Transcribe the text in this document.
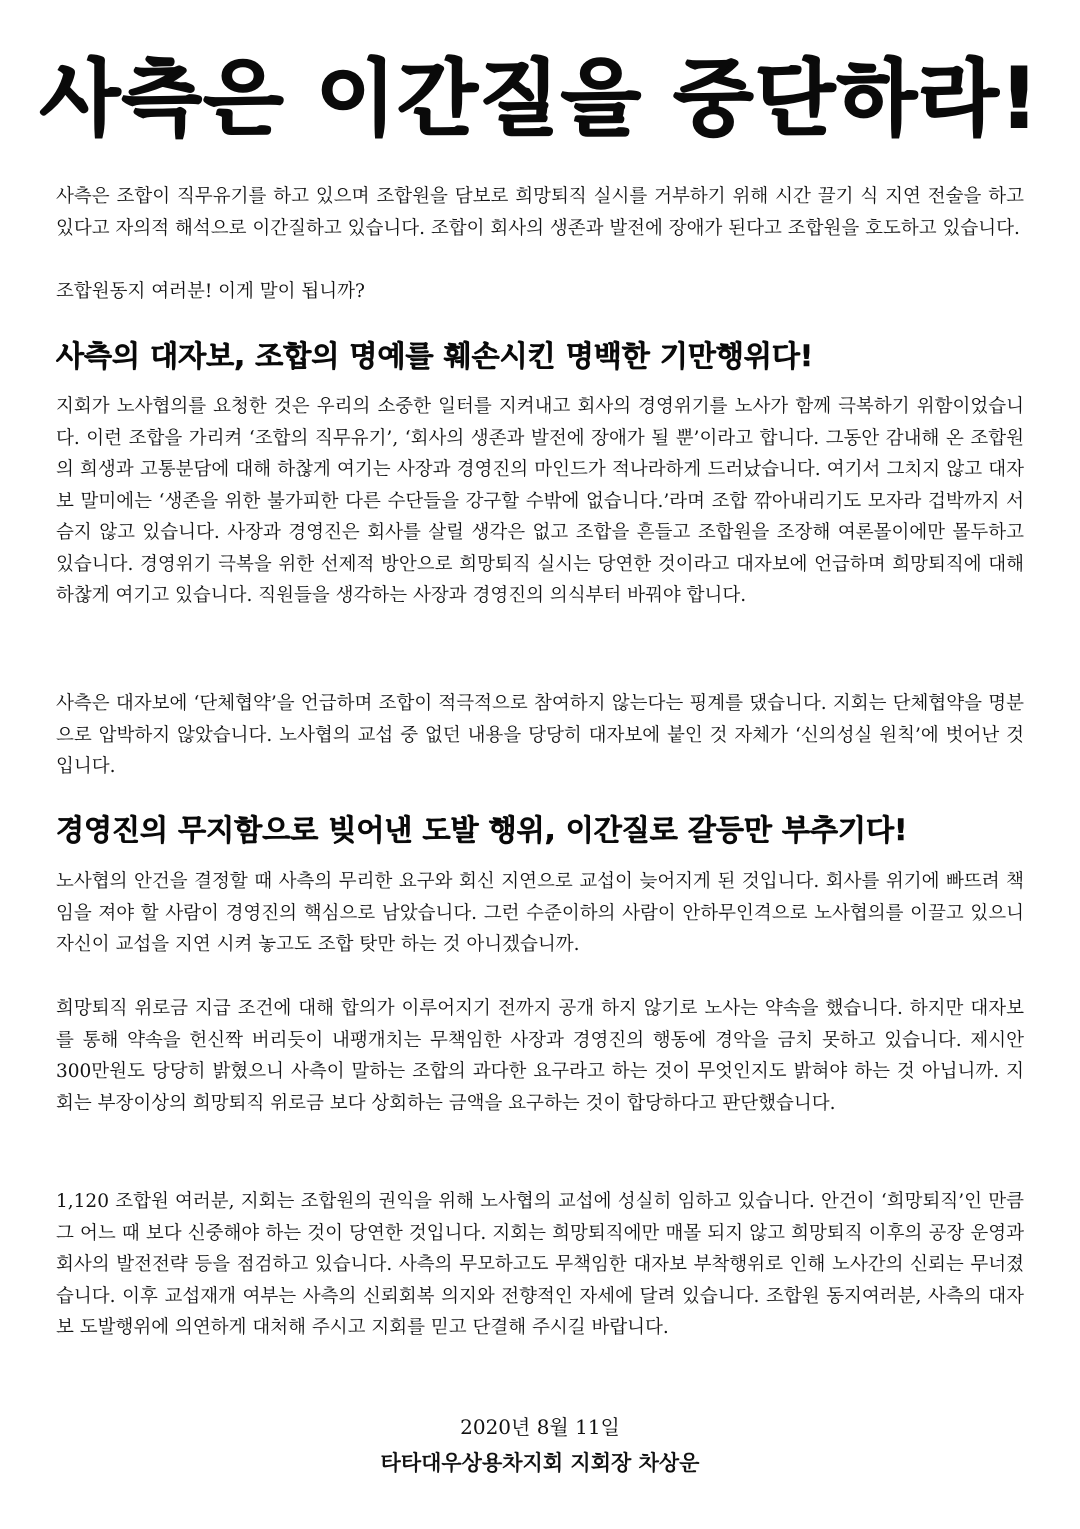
사측은 이간질을 중단하라!

사측은 조합이 직무유기를 하고 있으며 조합원을 담보로 희망퇴직 실시를 거부하기 위해 시간 끌기 식 지연 전술을 하고 있다고 자의적 해석으로 이간질하고 있습니다. 조합이 회사의 생존과 발전에 장애가 된다고 조합원을 호도하고 있습니다.

조합원동지 여러분! 이게 말이 됩니까?

사측의 대자보, 조합의 명예를 훼손시킨 명백한 기만행위다!

지회가 노사협의를 요청한 것은 우리의 소중한 일터를 지켜내고 회사의 경영위기를 노사가 함께 극복하기 위함이었습니다. 이런 조합을 가리켜 ‘조합의 직무유기’, ‘회사의 생존과 발전에 장애가 될 뿐’이라고 합니다. 그동안 감내해 온 조합원의 희생과 고통분담에 대해 하찮게 여기는 사장과 경영진의 마인드가 적나라하게 드러났습니다. 여기서 그치지 않고 대자보 말미에는 ‘생존을 위한 불가피한 다른 수단들을 강구할 수밖에 없습니다.’라며 조합 깎아내리기도 모자라 겁박까지 서슴지 않고 있습니다. 사장과 경영진은 회사를 살릴 생각은 없고 조합을 흔들고 조합원을 조장해 여론몰이에만 몰두하고 있습니다. 경영위기 극복을 위한 선제적 방안으로 희망퇴직 실시는 당연한 것이라고 대자보에 언급하며 희망퇴직에 대해 하찮게 여기고 있습니다. 직원들을 생각하는 사장과 경영진의 의식부터 바꿔야 합니다.

사측은 대자보에 ‘단체협약’을 언급하며 조합이 적극적으로 참여하지 않는다는 핑계를 댔습니다. 지회는 단체협약을 명분으로 압박하지 않았습니다. 노사협의 교섭 중 없던 내용을 당당히 대자보에 붙인 것 자체가 ‘신의성실 원칙’에 벗어난 것입니다.

경영진의 무지함으로 빚어낸 도발 행위, 이간질로 갈등만 부추기다!

노사협의 안건을 결정할 때 사측의 무리한 요구와 회신 지연으로 교섭이 늦어지게 된 것입니다. 회사를 위기에 빠뜨려 책임을 져야 할 사람이 경영진의 핵심으로 남았습니다. 그런 수준이하의 사람이 안하무인격으로 노사협의를 이끌고 있으니 자신이 교섭을 지연 시켜 놓고도 조합 탓만 하는 것 아니겠습니까.

희망퇴직 위로금 지급 조건에 대해 합의가 이루어지기 전까지 공개 하지 않기로 노사는 약속을 했습니다. 하지만 대자보를 통해 약속을 헌신짝 버리듯이 내팽개치는 무책임한 사장과 경영진의 행동에 경악을 금치 못하고 있습니다. 제시안 300만원도 당당히 밝혔으니 사측이 말하는 조합의 과다한 요구라고 하는 것이 무엇인지도 밝혀야 하는 것 아닙니까. 지회는 부장이상의 희망퇴직 위로금 보다 상회하는 금액을 요구하는 것이 합당하다고 판단했습니다.

1,120 조합원 여러분, 지회는 조합원의 권익을 위해 노사협의 교섭에 성실히 임하고 있습니다. 안건이 ‘희망퇴직’인 만큼 그 어느 때 보다 신중해야 하는 것이 당연한 것입니다. 지회는 희망퇴직에만 매몰 되지 않고 희망퇴직 이후의 공장 운영과 회사의 발전전략 등을 점검하고 있습니다. 사측의 무모하고도 무책임한 대자보 부착행위로 인해 노사간의 신뢰는 무너졌습니다. 이후 교섭재개 여부는 사측의 신뢰회복 의지와 전향적인 자세에 달려 있습니다. 조합원 동지여러분, 사측의 대자보 도발행위에 의연하게 대처해 주시고 지회를 믿고 단결해 주시길 바랍니다.

2020년 8월 11일

타타대우상용차지회 지회장 차상운
